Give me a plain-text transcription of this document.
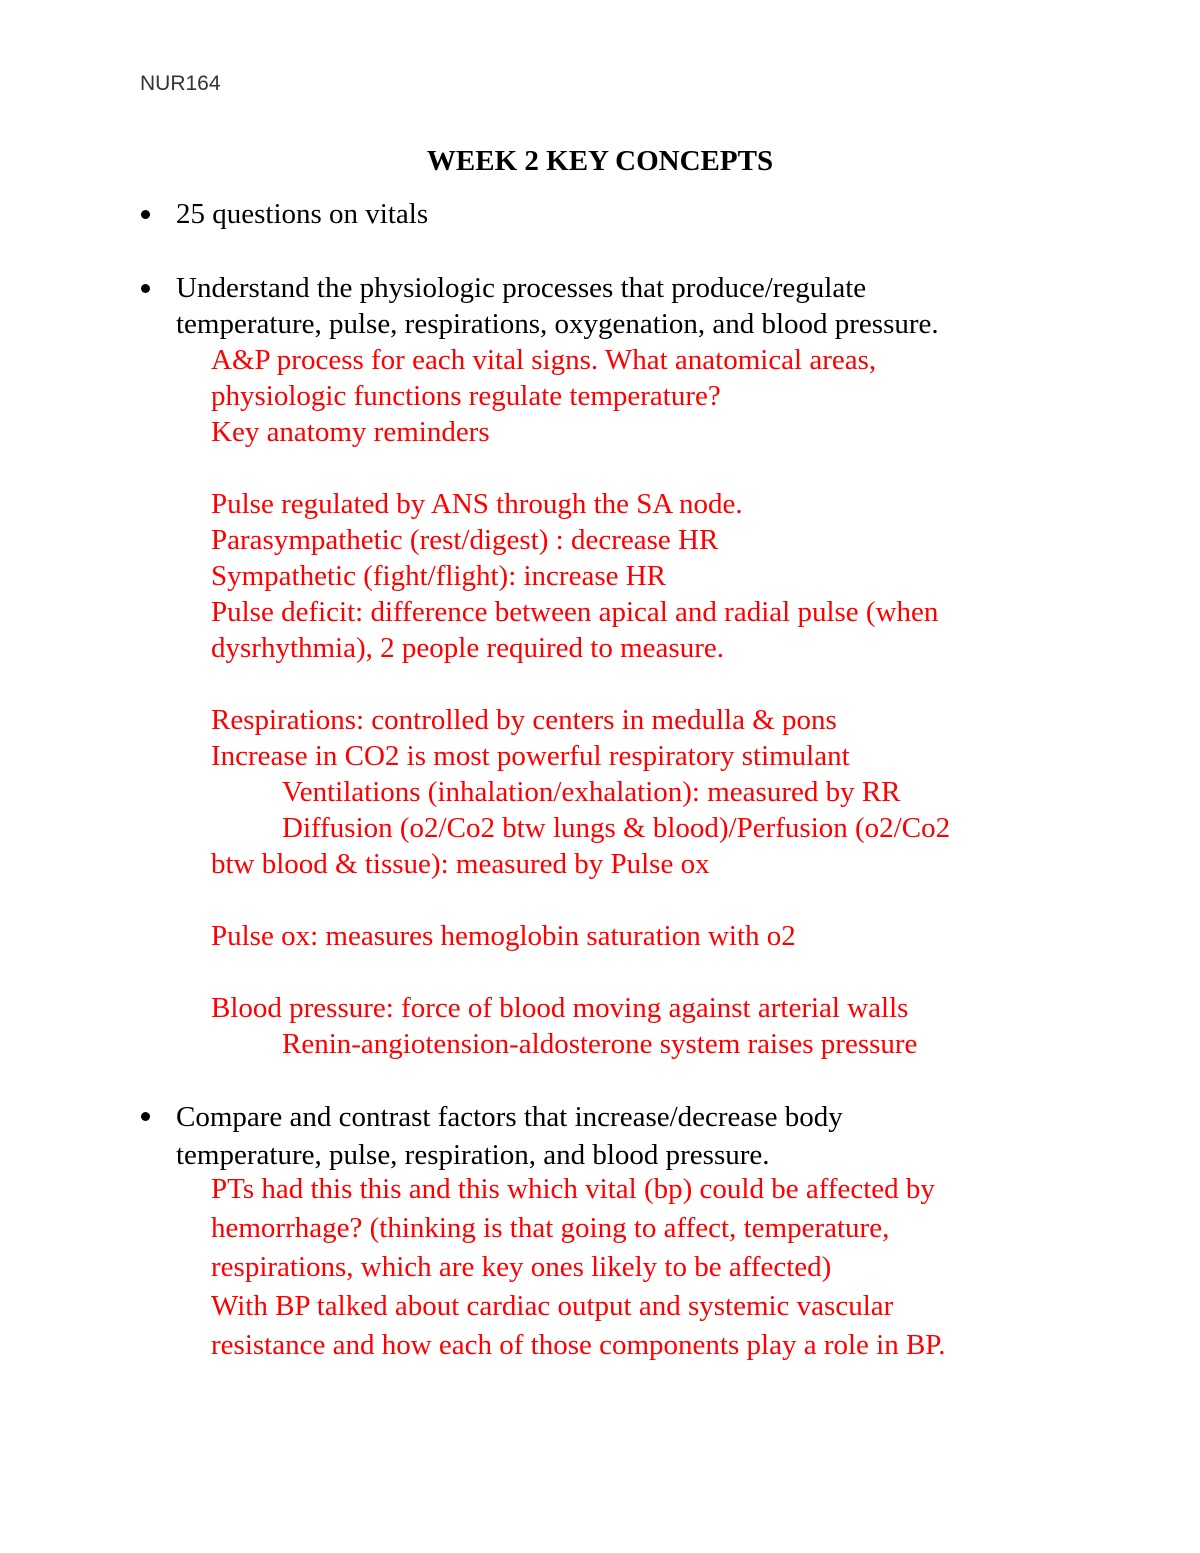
NUR164
WEEK 2 KEY CONCEPTS
25 questions on vitals
Understand the physiologic processes that produce/regulate
temperature, pulse, respirations, oxygenation, and blood pressure.
A&P process for each vital signs. What anatomical areas,
physiologic functions regulate temperature?
Key anatomy reminders
Pulse regulated by ANS through the SA node.
Parasympathetic (rest/digest) : decrease HR
Sympathetic (fight/flight): increase HR
Pulse deficit: difference between apical and radial pulse (when
dysrhythmia), 2 people required to measure.
Respirations: controlled by centers in medulla & pons
Increase in CO2 is most powerful respiratory stimulant
Ventilations (inhalation/exhalation): measured by RR
Diffusion (o2/Co2 btw lungs & blood)/Perfusion (o2/Co2
btw blood & tissue): measured by Pulse ox
Pulse ox: measures hemoglobin saturation with o2
Blood pressure: force of blood moving against arterial walls
Renin-angiotension-aldosterone system raises pressure
Compare and contrast factors that increase/decrease body
temperature, pulse, respiration, and blood pressure.
PTs had this this and this which vital (bp) could be affected by
hemorrhage? (thinking is that going to affect, temperature,
respirations, which are key ones likely to be affected)
With BP talked about cardiac output and systemic vascular
resistance and how each of those components play a role in BP.
